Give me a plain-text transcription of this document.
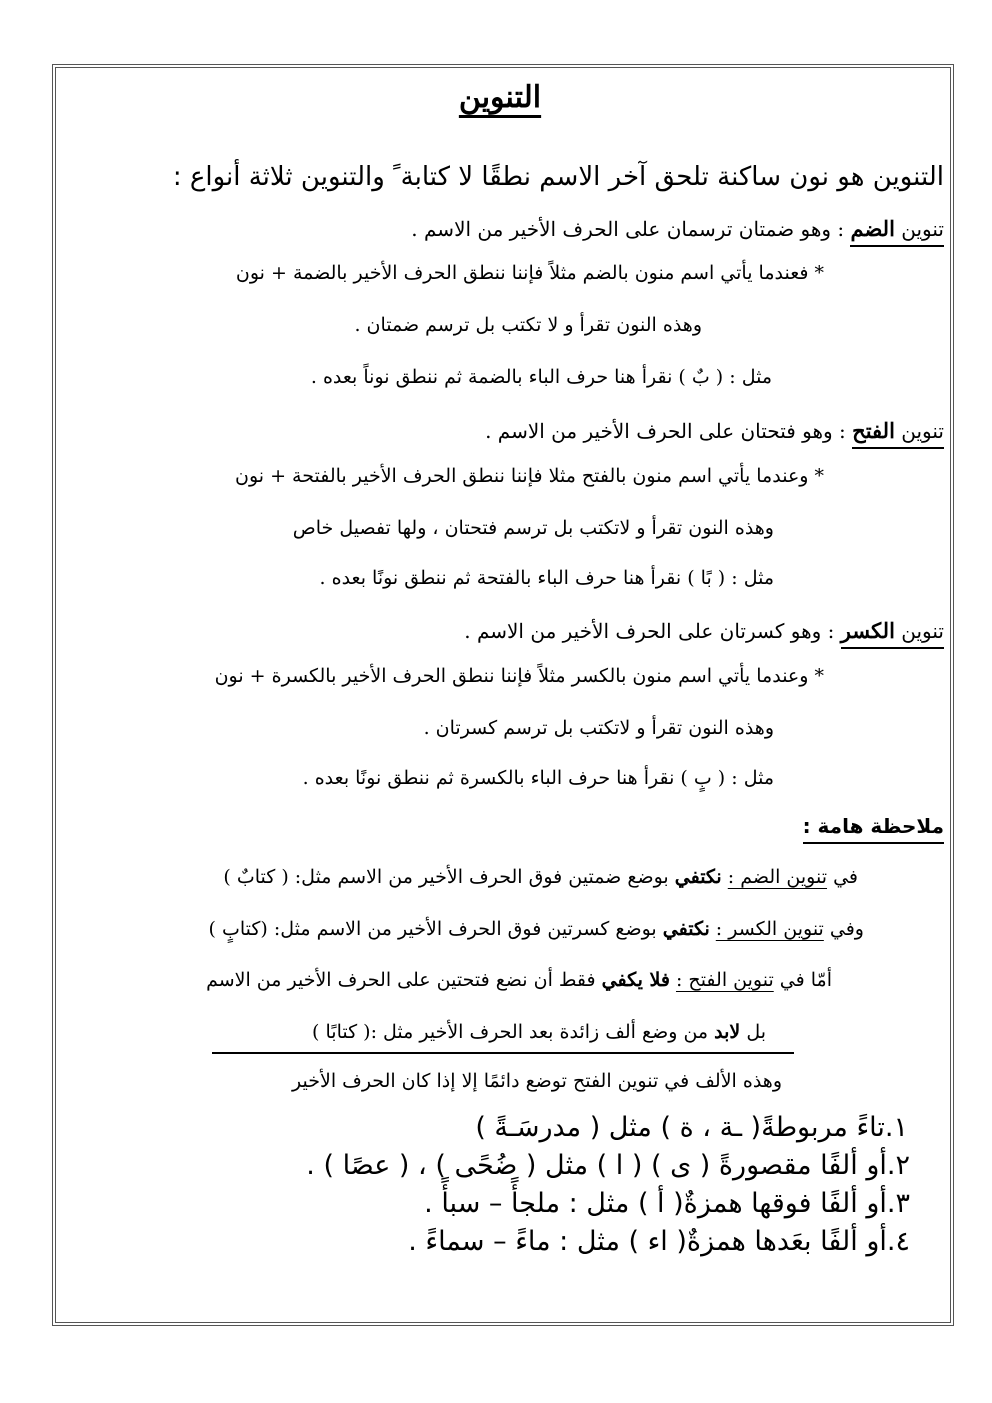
التنوين
التنوين هو نون ساكنة تلحق آخر الاسم نطقًا لا كتابة ً والتنوين ثلاثة أنواع :
تنوين الضم : وهو ضمتان ترسمان على الحرف الأخير من الاسم .
* فعندما يأتي اسم منون بالضم مثلاً فإننا ننطق الحرف الأخير بالضمة + نون
وهذه النون تقرأ و لا تكتب بل ترسم ضمتان .
مثل : ( بٌ ) نقرأ هنا حرف الباء بالضمة ثم ننطق نوناً بعده .
تنوين الفتح : وهو فتحتان على الحرف الأخير من الاسم .
* وعندما يأتي اسم منون بالفتح مثلا فإننا ننطق الحرف الأخير بالفتحة + نون
وهذه النون تقرأ و لاتكتب بل ترسم فتحتان ، ولها تفصيل خاص
مثل : ( بًا ) نقرأ هنا حرف الباء بالفتحة ثم ننطق نونًا بعده .
تنوين الكسر : وهو كسرتان على الحرف الأخير من الاسم .
* وعندما يأتي اسم منون بالكسر مثلاً فإننا ننطق الحرف الأخير بالكسرة + نون
وهذه النون تقرأ و لاتكتب بل ترسم كسرتان .
مثل : ( بٍ ) نقرأ هنا حرف الباء بالكسرة ثم ننطق نونًا بعده .
ملاحظة هامة :
في تنوين الضم : نكتفي بوضع ضمتين فوق الحرف الأخير من الاسم مثل: ( كتابٌ )
وفي تنوين الكسر : نكتفي بوضع كسرتين فوق الحرف الأخير من الاسم مثل: (كتابٍ )
أمّا في تنوين الفتح : فلا يكفي فقط أن نضع فتحتين على الحرف الأخير من الاسم
بل لابد من وضع ألف زائدة بعد الحرف الأخير مثل :( كتابًا )
وهذه الألف في تنوين الفتح توضع دائمًا إلا إذا كان الحرف الأخير
١.تاءً مربوطةً( ـة ، ة ) مثل ( مدرسَـةً )
٢.أو ألفًا مقصورةً ( ى ) ( ا ) مثل ( ضُحًى ) ، ( عصًا ) .
٣.أو ألفًا فوقها همزةٌ( أ ) مثل : ملجأً – سبأً .
٤.أو ألفًا بعَدها همزةٌ( اء ) مثل : ماءً – سماءً .
